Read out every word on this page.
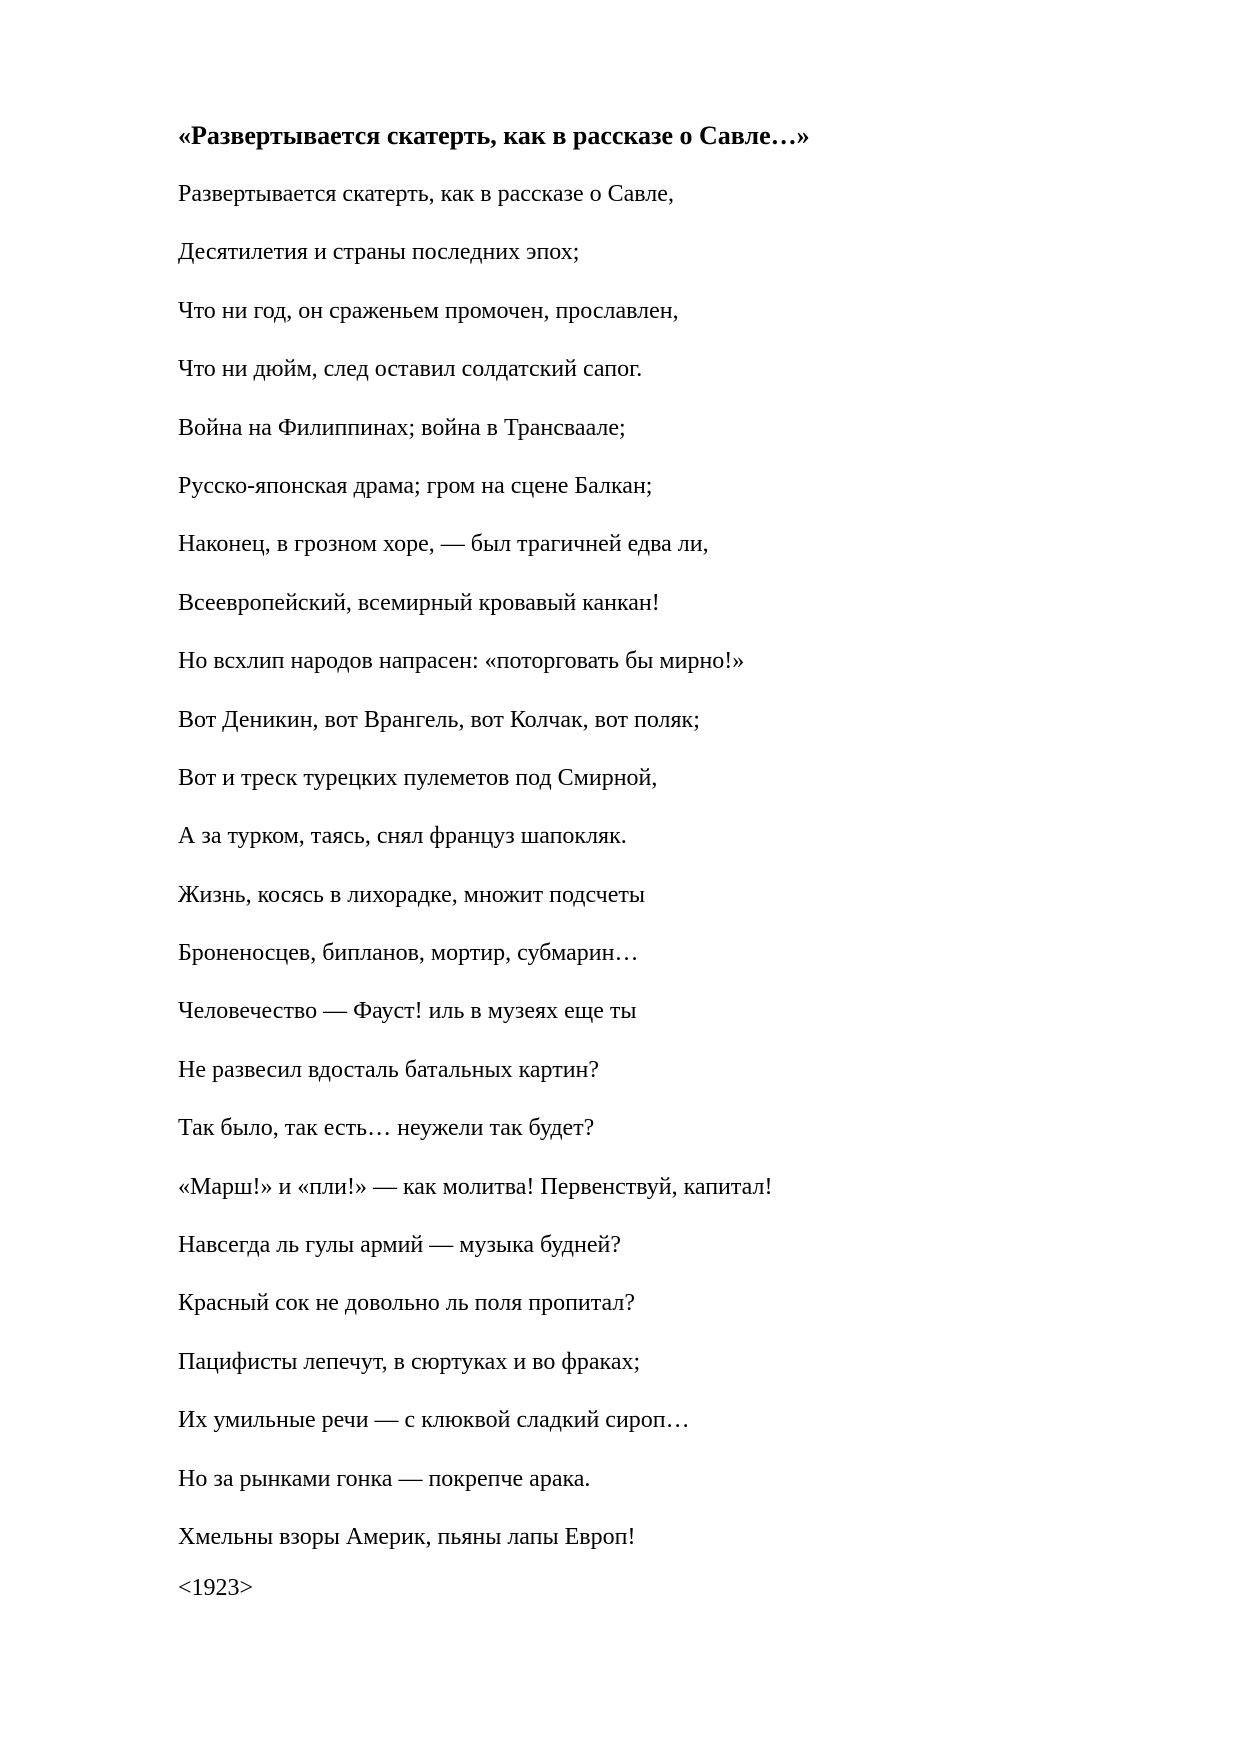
«Развертывается скатерть, как в рассказе о Савле…»
Развертывается скатерть, как в рассказе о Савле,
Десятилетия и страны последних эпох;
Что ни год, он сраженьем промочен, прославлен,
Что ни дюйм, след оставил солдатский сапог.
Война на Филиппинах; война в Трансваале;
Русско-японская драма; гром на сцене Балкан;
Наконец, в грозном хоре, — был трагичней едва ли,
Всеевропейский, всемирный кровавый канкан!
Но всхлип народов напрасен: «поторговать бы мирно!»
Вот Деникин, вот Врангель, вот Колчак, вот поляк;
Вот и треск турецких пулеметов под Смирной,
А за турком, таясь, снял француз шапокляк.
Жизнь, косясь в лихорадке, множит подсчеты
Броненосцев, бипланов, мортир, субмарин…
Человечество — Фауст! иль в музеях еще ты
Не развесил вдосталь батальных картин?
Так было, так есть… неужели так будет?
«Марш!» и «пли!» — как молитва! Первенствуй, капитал!
Навсегда ль гулы армий — музыка будней?
Красный сок не довольно ль поля пропитал?
Пацифисты лепечут, в сюртуках и во фраках;
Их умильные речи — с клюквой сладкий сироп…
Но за рынками гонка — покрепче арака.
Хмельны взоры Америк, пьяны лапы Европ!

<1923>
